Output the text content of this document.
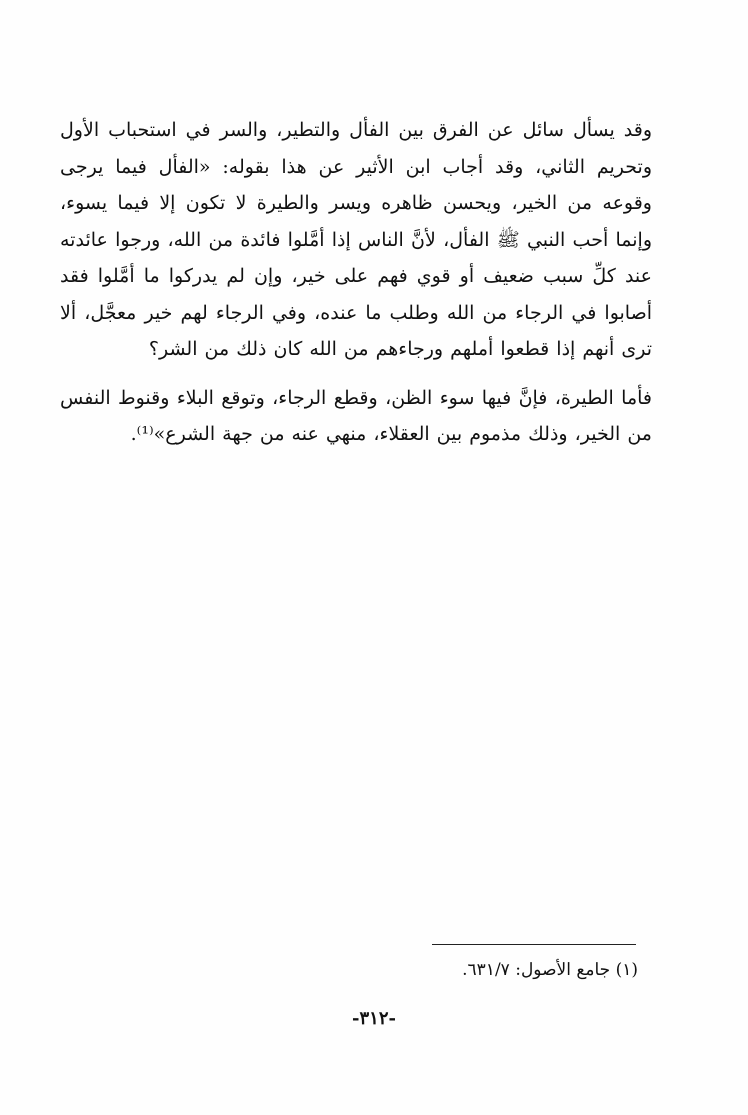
وقد يسأل سائل عن الفرق بين الفأل والتطير، والسر في استحباب الأول وتحريم الثاني، وقد أجاب ابن الأثير عن هذا بقوله: «الفأل فيما يرجى وقوعه من الخير، ويحسن ظاهره ويسر والطيرة لا تكون إلا فيما يسوء، وإنما أحب النبي ﷺ الفأل، لأنَّ الناس إذا أمَّلوا فائدة من الله، ورجوا عائدته عند كلِّ سبب ضعيف أو قوي فهم على خير، وإن لم يدركوا ما أمَّلوا فقد أصابوا في الرجاء من الله وطلب ما عنده، وفي الرجاء لهم خير معجَّل، ألا ترى أنهم إذا قطعوا أملهم ورجاءهم من الله كان ذلك من الشر؟

فأما الطيرة، فإنَّ فيها سوء الظن، وقطع الرجاء، وتوقع البلاء وقنوط النفس من الخير، وذلك مذموم بين العقلاء، منهي عنه من جهة الشرع»⁽¹⁾.

(١) جامع الأصول: ٦٣١/٧.
-٣١٢-
